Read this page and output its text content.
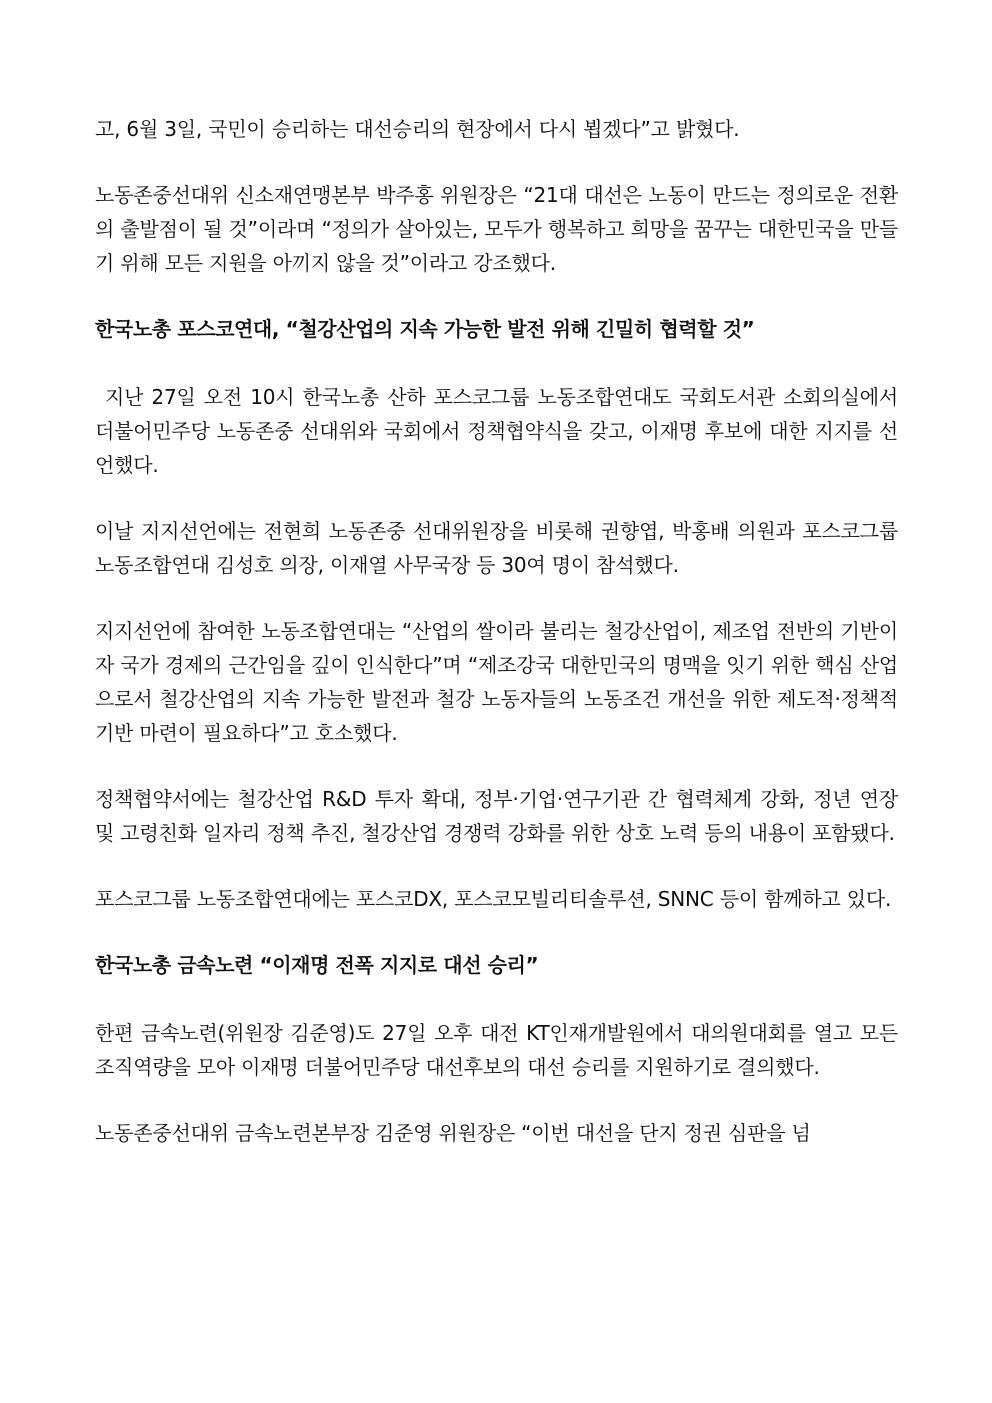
고, 6월 3일, 국민이 승리하는 대선승리의 현장에서 다시 뵙겠다”고 밝혔다.

노동존중선대위 신소재연맹본부 박주홍 위원장은 “21대 대선은 노동이 만드는 정의로운 전환의 출발점이 될 것”이라며 “정의가 살아있는, 모두가 행복하고 희망을 꿈꾸는 대한민국을 만들기 위해 모든 지원을 아끼지 않을 것”이라고 강조했다.

한국노총 포스코연대, “철강산업의 지속 가능한 발전 위해 긴밀히 협력할 것”

지난 27일 오전 10시 한국노총 산하 포스코그룹 노동조합연대도 국회도서관 소회의실에서 더불어민주당 노동존중 선대위와 국회에서 정책협약식을 갖고, 이재명 후보에 대한 지지를 선언했다.

이날 지지선언에는 전현희 노동존중 선대위원장을 비롯해 권향엽, 박홍배 의원과 포스코그룹 노동조합연대 김성호 의장, 이재열 사무국장 등 30여 명이 참석했다.

지지선언에 참여한 노동조합연대는 “산업의 쌀이라 불리는 철강산업이, 제조업 전반의 기반이자 국가 경제의 근간임을 깊이 인식한다”며 “제조강국 대한민국의 명맥을 잇기 위한 핵심 산업으로서 철강산업의 지속 가능한 발전과 철강 노동자들의 노동조건 개선을 위한 제도적·정책적 기반 마련이 필요하다”고 호소했다.

정책협약서에는 철강산업 R&D 투자 확대, 정부·기업·연구기관 간 협력체계 강화, 정년 연장 및 고령친화 일자리 정책 추진, 철강산업 경쟁력 강화를 위한 상호 노력 등의 내용이 포함됐다.

포스코그룹 노동조합연대에는 포스코DX, 포스코모빌리티솔루션, SNNC 등이 함께하고 있다.

한국노총 금속노련 “이재명 전폭 지지로 대선 승리”

한편 금속노련(위원장 김준영)도 27일 오후 대전 KT인재개발원에서 대의원대회를 열고 모든 조직역량을 모아 이재명 더불어민주당 대선후보의 대선 승리를 지원하기로 결의했다.

노동존중선대위 금속노련본부장 김준영 위원장은 “이번 대선을 단지 정권 심판을 넘
